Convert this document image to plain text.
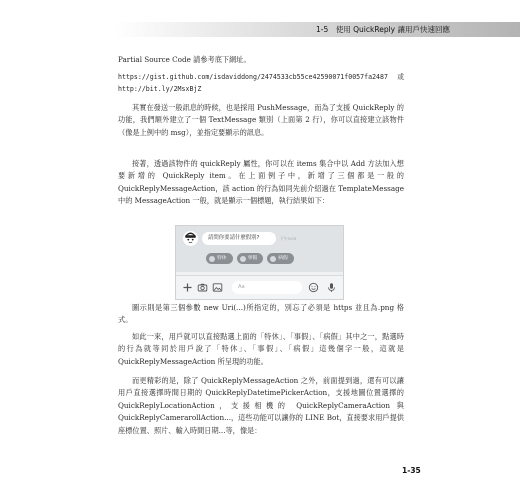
1-5　使用 QuickReply 讓用戶快速回應

Partial Source Code 請參考底下網址。

https://gist.github.com/isdaviddong/2474533cb55ce42590071f0057fa2487 或 http://bit.ly/2MsxBjZ

其實在發送一般訊息的時候，也是採用 PushMessage，而為了支援 QuickReply 的功能，我們額外建立了一個 TextMessage 類別（上面第 2 行），你可以直接建立該物件（像是上例中的 msg），並指定要顯示的訊息。

接著，透過該物件的 quickReply 屬性，你可以在 items 集合中以 Add 方法加入想要新增的 QuickReply item。在上面例子中，新增了三個都是一般的 QuickReplyMessageAction，該 action 的行為如同先前介紹過在 TemplateMessage 中的 MessageAction 一般，就是顯示一個標題，執行結果如下：

請問你要請什麼假別?	下午3:03
特休	事假	病假
Aa

圖示則是第三個參數 new Uri(...)所指定的，別忘了必須是 https 並且為.png 格式。

如此一來，用戶就可以直接點選上面的「特休」、「事假」、「病假」其中之一，點選時的行為就等同於用戶說了「特休」、「事假」、「病假」這幾個字一般，這就是 QuickReplyMessageAction 所呈現的功能。

而更精彩的是，除了 QuickReplyMessageAction 之外，前面提到過，還有可以讓用戶直接選擇時間日期的 QuickReplyDatetimePickerAction，支援地圖位置選擇的 QuickReplyLocationAction，支援相機的 QuickReplyCameraAction 與 QuickReplyCamerarollAction...，這些功能可以讓你的 LINE Bot，直接要求用戶提供座標位置、照片、輸入時間日期...等，像是：

1-35
